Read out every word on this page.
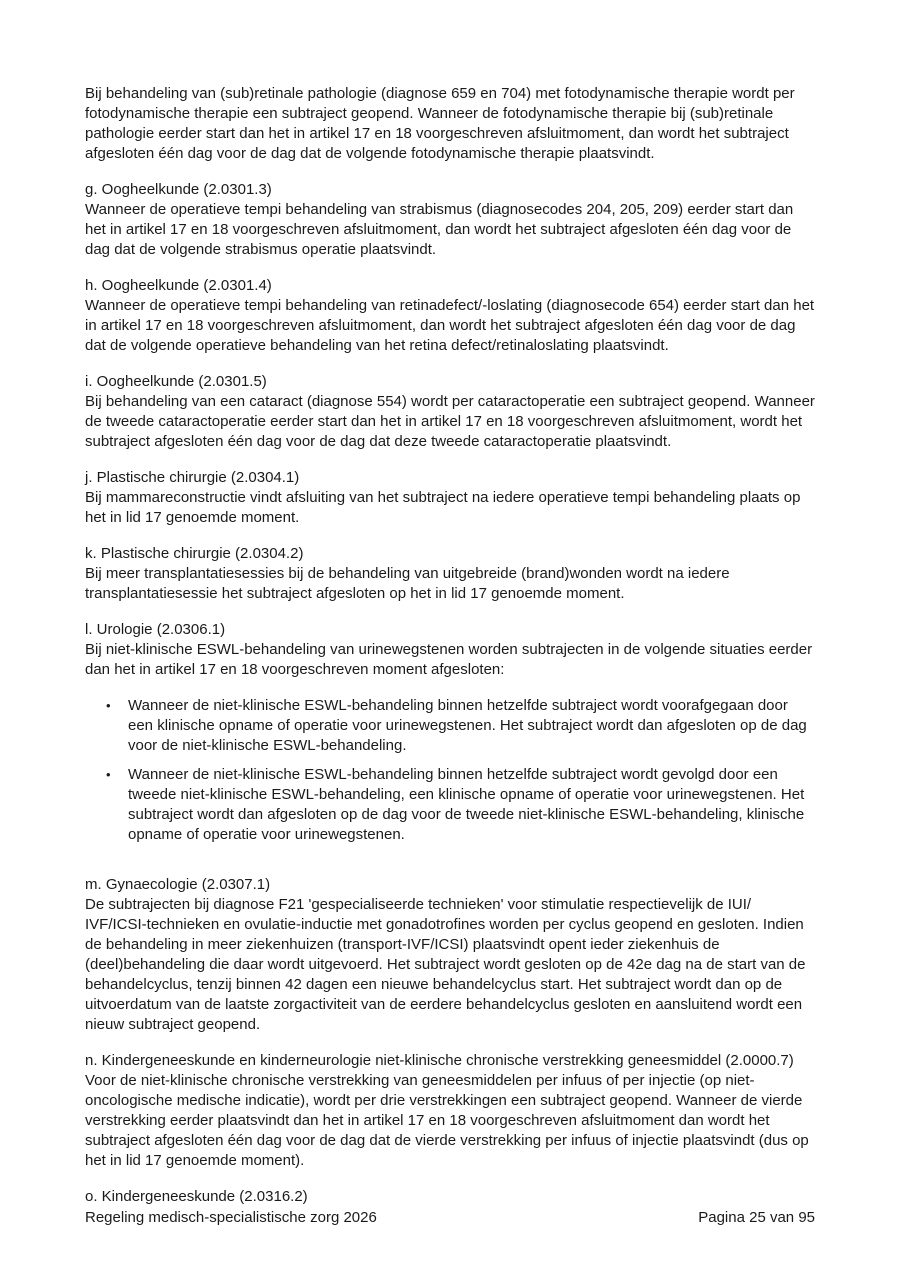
Bij behandeling van (sub)retinale pathologie (diagnose 659 en 704) met fotodynamische therapie wordt per fotodynamische therapie een subtraject geopend. Wanneer de fotodynamische therapie bij (sub)retinale pathologie eerder start dan het in artikel 17 en 18 voorgeschreven afsluitmoment, dan wordt het subtraject afgesloten één dag voor de dag dat de volgende fotodynamische therapie plaatsvindt.

g. Oogheelkunde (2.0301.3)

Wanneer de operatieve tempi behandeling van strabismus (diagnosecodes 204, 205, 209) eerder start dan het in artikel 17 en 18 voorgeschreven afsluitmoment, dan wordt het subtraject afgesloten één dag voor de dag dat de volgende strabismus operatie plaatsvindt.

h. Oogheelkunde (2.0301.4)

Wanneer de operatieve tempi behandeling van retinadefect/-loslating (diagnosecode 654) eerder start dan het in artikel 17 en 18 voorgeschreven afsluitmoment, dan wordt het subtraject afgesloten één dag voor de dag dat de volgende operatieve behandeling van het retina defect/retinaloslating plaatsvindt.

i. Oogheelkunde (2.0301.5)

Bij behandeling van een cataract (diagnose 554) wordt per cataractoperatie een subtraject geopend. Wanneer de tweede cataractoperatie eerder start dan het in artikel 17 en 18 voorgeschreven afsluitmoment, wordt het subtraject afgesloten één dag voor de dag dat deze tweede cataractoperatie plaatsvindt.

j. Plastische chirurgie (2.0304.1)

Bij mammareconstructie vindt afsluiting van het subtraject na iedere operatieve tempi behandeling plaats op het in lid 17 genoemde moment.

k. Plastische chirurgie (2.0304.2)

Bij meer transplantatiesessies bij de behandeling van uitgebreide (brand)wonden wordt na iedere transplantatiesessie het subtraject afgesloten op het in lid 17 genoemde moment.

l. Urologie (2.0306.1)

Bij niet-klinische ESWL-behandeling van urinewegstenen worden subtrajecten in de volgende situaties eerder dan het in artikel 17 en 18 voorgeschreven moment afgesloten:

• Wanneer de niet-klinische ESWL-behandeling binnen hetzelfde subtraject wordt voorafgegaan door een klinische opname of operatie voor urinewegstenen. Het subtraject wordt dan afgesloten op de dag voor de niet-klinische ESWL-behandeling.
• Wanneer de niet-klinische ESWL-behandeling binnen hetzelfde subtraject wordt gevolgd door een tweede niet-klinische ESWL-behandeling, een klinische opname of operatie voor urinewegstenen. Het subtraject wordt dan afgesloten op de dag voor de tweede niet-klinische ESWL-behandeling, klinische opname of operatie voor urinewegstenen.

m. Gynaecologie (2.0307.1)

De subtrajecten bij diagnose F21 'gespecialiseerde technieken' voor stimulatie respectievelijk de IUI/ IVF/ICSI-technieken en ovulatie-inductie met gonadotrofines worden per cyclus geopend en gesloten. Indien de behandeling in meer ziekenhuizen (transport-IVF/ICSI) plaatsvindt opent ieder ziekenhuis de (deel)behandeling die daar wordt uitgevoerd. Het subtraject wordt gesloten op de 42e dag na de start van de behandelcyclus, tenzij binnen 42 dagen een nieuwe behandelcyclus start. Het subtraject wordt dan op de uitvoerdatum van de laatste zorgactiviteit van de eerdere behandelcyclus gesloten en aansluitend wordt een nieuw subtraject geopend.

n. Kindergeneeskunde en kinderneurologie niet-klinische chronische verstrekking geneesmiddel (2.0000.7)

Voor de niet-klinische chronische verstrekking van geneesmiddelen per infuus of per injectie (op niet-oncologische medische indicatie), wordt per drie verstrekkingen een subtraject geopend. Wanneer de vierde verstrekking eerder plaatsvindt dan het in artikel 17 en 18 voorgeschreven afsluitmoment dan wordt het subtraject afgesloten één dag voor de dag dat de vierde verstrekking per infuus of injectie plaatsvindt (dus op het in lid 17 genoemde moment).

o. Kindergeneeskunde (2.0316.2)

Regeling medisch-specialistische zorg 2026	Pagina 25 van 95
